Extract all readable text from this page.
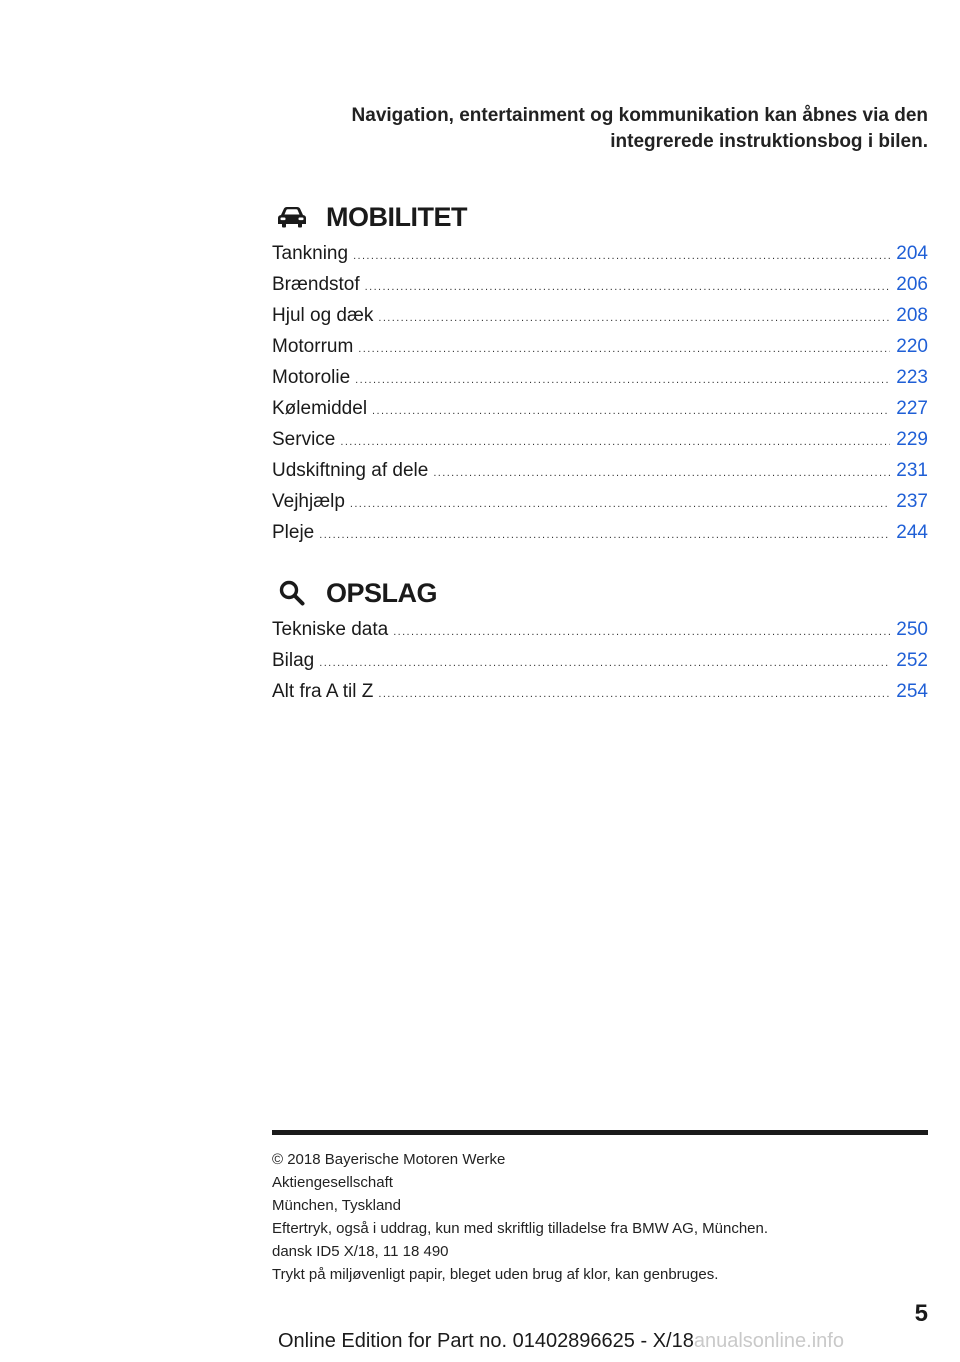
Navigation, entertainment og kommunikation kan åbnes via den
integrerede instruktionsbog i bilen.
MOBILITET
Tankning .....	204
Brændstof .....	206
Hjul og dæk .....	208
Motorrum .....	220
Motorolie .....	223
Kølemiddel .....	227
Service .....	229
Udskiftning af dele .....	231
Vejhjælp .....	237
Pleje .....	244
OPSLAG
Tekniske data .....	250
Bilag .....	252
Alt fra A til Z .....	254
© 2018 Bayerische Motoren Werke
Aktiengesellschaft
München, Tyskland
Eftertryk, også i uddrag, kun med skriftlig tilladelse fra BMW AG, München.
dansk ID5 X/18, 11 18 490
Trykt på miljøvenligt papir, bleget uden brug af klor, kan genbruges.
5
Online Edition for Part no. 01402896625 - X/18anualsonline.info
